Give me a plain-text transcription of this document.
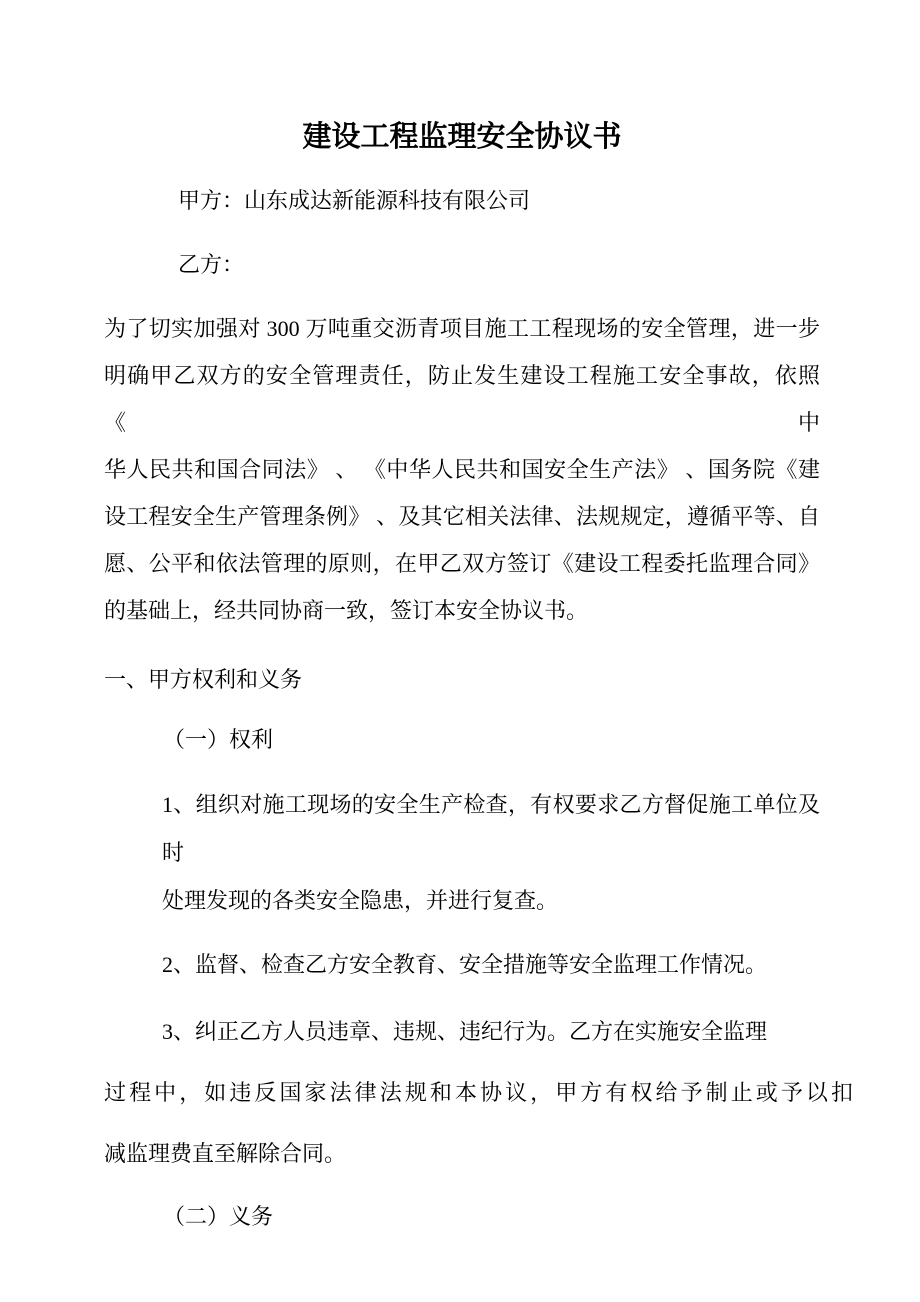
建设工程监理安全协议书
甲方：山东成达新能源科技有限公司
乙方：
为了切实加强对 300 万吨重交沥青项目施工工程现场的安全管理，进一步
明确甲乙双方的安全管理责任，防止发生建设工程施工安全事故，依照《中
华人民共和国合同法》 、 《中华人民共和国安全生产法》 、国务院《建
设工程安全生产管理条例》 、及其它相关法律、法规规定，遵循平等、自
愿、公平和依法管理的原则，在甲乙双方签订《建设工程委托监理合同》
的基础上，经共同协商一致，签订本安全协议书。
一、甲方权利和义务
（一）权利
1、组织对施工现场的安全生产检查，有权要求乙方督促施工单位及时
处理发现的各类安全隐患，并进行复查。
2、监督、检查乙方安全教育、安全措施等安全监理工作情况。
3、纠正乙方人员违章、违规、违纪行为。乙方在实施安全监理
过程中，如违反国家法律法规和本协议，甲方有权给予制止或予以扣
减监理费直至解除合同。
（二）义务
